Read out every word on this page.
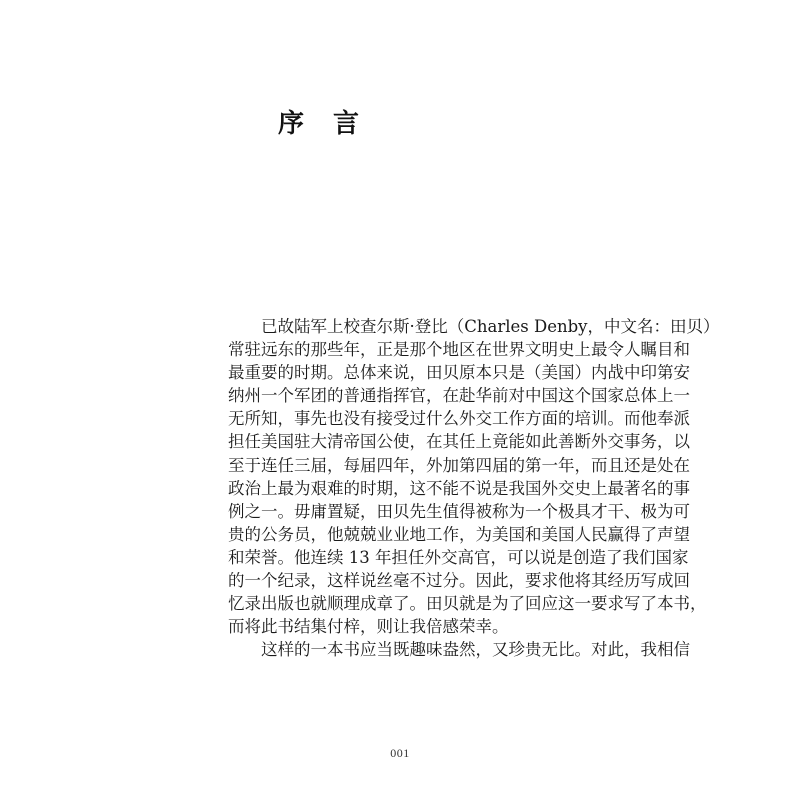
序 言
　　已故陆军上校查尔斯·登比（Charles Denby，中文名：田贝）
常驻远东的那些年，正是那个地区在世界文明史上最令人瞩目和
最重要的时期。总体来说，田贝原本只是（美国）内战中印第安
纳州一个军团的普通指挥官，在赴华前对中国这个国家总体上一
无所知，事先也没有接受过什么外交工作方面的培训。而他奉派
担任美国驻大清帝国公使，在其任上竟能如此善断外交事务，以
至于连任三届，每届四年，外加第四届的第一年，而且还是处在
政治上最为艰难的时期，这不能不说是我国外交史上最著名的事
例之一。毋庸置疑，田贝先生值得被称为一个极具才干、极为可
贵的公务员，他兢兢业业地工作，为美国和美国人民赢得了声望
和荣誉。他连续 13 年担任外交高官，可以说是创造了我们国家
的一个纪录，这样说丝毫不过分。因此，要求他将其经历写成回
忆录出版也就顺理成章了。田贝就是为了回应这一要求写了本书，
而将此书结集付梓，则让我倍感荣幸。
　　这样的一本书应当既趣味盎然，又珍贵无比。对此，我相信
001
